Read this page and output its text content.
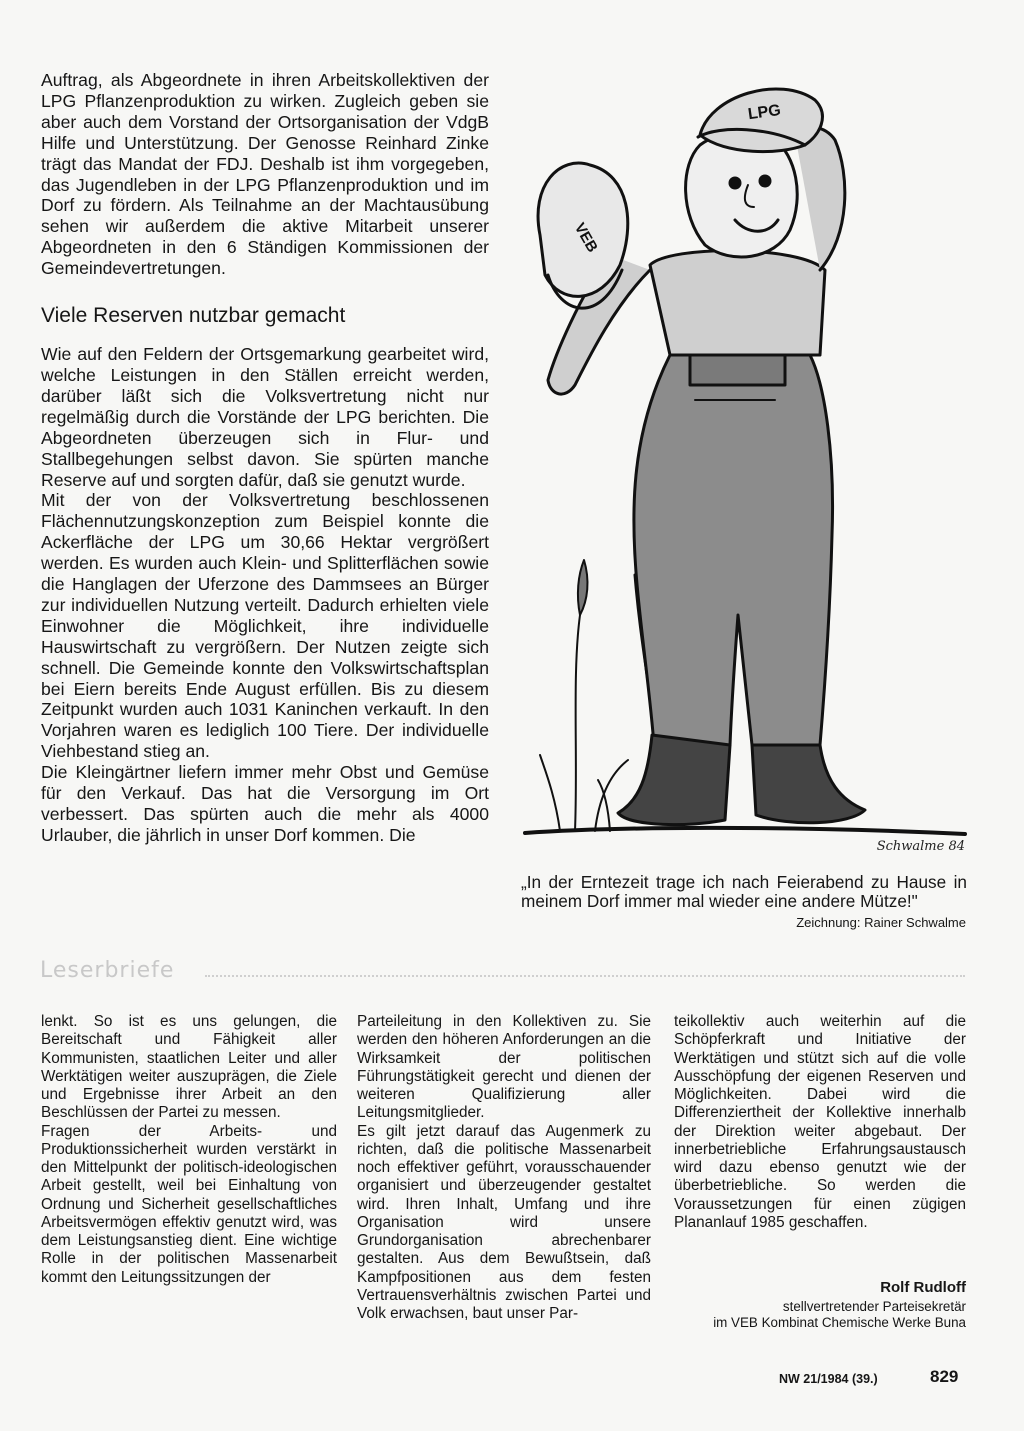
Auftrag, als Abgeordnete in ihren Arbeitskollektiven der LPG Pflanzenproduktion zu wirken. Zugleich geben sie aber auch dem Vorstand der Ortsorganisation der VdgB Hilfe und Unterstützung. Der Genosse Reinhard Zinke trägt das Mandat der FDJ. Deshalb ist ihm vorgegeben, das Jugendleben in der LPG Pflanzenproduktion und im Dorf zu fördern. Als Teilnahme an der Machtausübung sehen wir außerdem die aktive Mitarbeit unserer Abgeordneten in den 6 Ständigen Kommissionen der Gemeindevertretungen.

Viele Reserven nutzbar gemacht

Wie auf den Feldern der Ortsgemarkung gearbeitet wird, welche Leistungen in den Ställen erreicht werden, darüber läßt sich die Volksvertretung nicht nur regelmäßig durch die Vorstände der LPG berichten. Die Abgeordneten überzeugen sich in Flur- und Stallbegehungen selbst davon. Sie spürten manche Reserve auf und sorgten dafür, daß sie genutzt wurde.

Mit der von der Volksvertretung beschlossenen Flächennutzungskonzeption zum Beispiel konnte die Ackerfläche der LPG um 30,66 Hektar vergrößert werden. Es wurden auch Klein- und Splitterflächen sowie die Hanglagen der Uferzone des Dammsees an Bürger zur individuellen Nutzung verteilt. Dadurch erhielten viele Einwohner die Möglichkeit, ihre individuelle Hauswirtschaft zu vergrößern. Der Nutzen zeigte sich schnell. Die Gemeinde konnte den Volkswirtschaftsplan bei Eiern bereits Ende August erfüllen. Bis zu diesem Zeitpunkt wurden auch 1031 Kaninchen verkauft. In den Vorjahren waren es lediglich 100 Tiere. Der individuelle Viehbestand stieg an.

Die Kleingärtner liefern immer mehr Obst und Gemüse für den Verkauf. Das hat die Versorgung im Ort verbessert. Das spürten auch die mehr als 4000 Urlauber, die jährlich in unser Dorf kommen. Die

LPG
VEB
Schwalme 84
„In der Erntezeit trage ich nach Feierabend zu Hause in meinem Dorf immer mal wieder eine andere Mütze!"
Zeichnung: Rainer Schwalme
Leserbriefe

lenkt. So ist es uns gelungen, die Bereitschaft und Fähigkeit aller Kommunisten, staatlichen Leiter und aller Werktätigen weiter auszuprägen, die Ziele und Ergebnisse ihrer Arbeit an den Beschlüssen der Partei zu messen.

Fragen der Arbeits- und Produktionssicherheit wurden verstärkt in den Mittelpunkt der politisch-ideologischen Arbeit gestellt, weil bei Einhaltung von Ordnung und Sicherheit gesellschaftliches Arbeitsvermögen effektiv genutzt wird, was dem Leistungsanstieg dient. Eine wichtige Rolle in der politischen Massenarbeit kommt den Leitungssitzungen der

Parteileitung in den Kollektiven zu. Sie werden den höheren Anforderungen an die Wirksamkeit der politischen Führungstätigkeit gerecht und dienen der weiteren Qualifizierung aller Leitungsmitglieder.

Es gilt jetzt darauf das Augenmerk zu richten, daß die politische Massenarbeit noch effektiver geführt, vorausschauender organisiert und überzeugender gestaltet wird. Ihren Inhalt, Umfang und ihre Organisation wird unsere Grundorganisation abrechenbarer gestalten. Aus dem Bewußtsein, daß Kampfpositionen aus dem festen Vertrauensverhältnis zwischen Partei und Volk erwachsen, baut unser Par-

teikollektiv auch weiterhin auf die Schöpferkraft und Initiative der Werktätigen und stützt sich auf die volle Ausschöpfung der eigenen Reserven und Möglichkeiten. Dabei wird die Differenziertheit der Kollektive innerhalb der Direktion weiter abgebaut. Der innerbetriebliche Erfahrungsaustausch wird dazu ebenso genutzt wie der überbetriebliche. So werden die Voraussetzungen für einen zügigen Plananlauf 1985 geschaffen.

Rolf Rudloff
stellvertretender Parteisekretär
im VEB Kombinat Chemische Werke Buna
NW 21/1984 (39.)	829
